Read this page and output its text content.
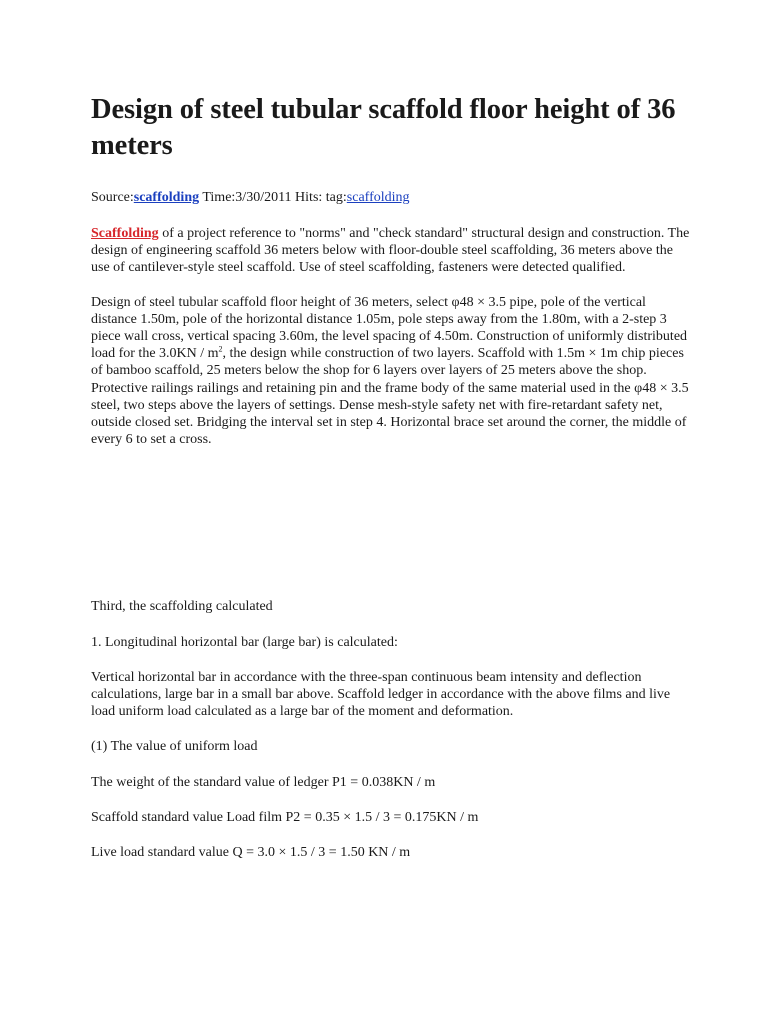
Design of steel tubular scaffold floor height of 36 meters
Source:scaffolding Time:3/30/2011 Hits: tag:scaffolding

Scaffolding of a project reference to "norms" and "check standard" structural design and construction. The design of engineering scaffold 36 meters below with floor-double steel scaffolding, 36 meters above the use of cantilever-style steel scaffold. Use of steel scaffolding, fasteners were detected qualified.

Design of steel tubular scaffold floor height of 36 meters, select φ48 × 3.5 pipe, pole of the vertical distance 1.50m, pole of the horizontal distance 1.05m, pole steps away from the 1.80m, with a 2-step 3 piece wall cross, vertical spacing 3.60m, the level spacing of 4.50m. Construction of uniformly distributed load for the $3.0KN / m^2$, the design while construction of two layers. Scaffold with 1.5m × 1m chip pieces of bamboo scaffold, 25 meters below the shop for 6 layers over layers of 25 meters above the shop. Protective railings railings and retaining pin and the frame body of the same material used in the φ48 × 3.5 steel, two steps above the layers of settings. Dense mesh-style safety net with fire-retardant safety net, outside closed set. Bridging the interval set in step 4. Horizontal brace set around the corner, the middle of every 6 to set a cross.

Third, the scaffolding calculated

1. Longitudinal horizontal bar (large bar) is calculated:

Vertical horizontal bar in accordance with the three-span continuous beam intensity and deflection calculations, large bar in a small bar above. Scaffold ledger in accordance with the above films and live load uniform load calculated as a large bar of the moment and deformation.

(1) The value of uniform load

The weight of the standard value of ledger P1 = 0.038KN / m

Scaffold standard value Load film P2 = 0.35 × 1.5 / 3 = 0.175KN / m

Live load standard value Q = 3.0 × 1.5 / 3 = 1.50 KN / m
